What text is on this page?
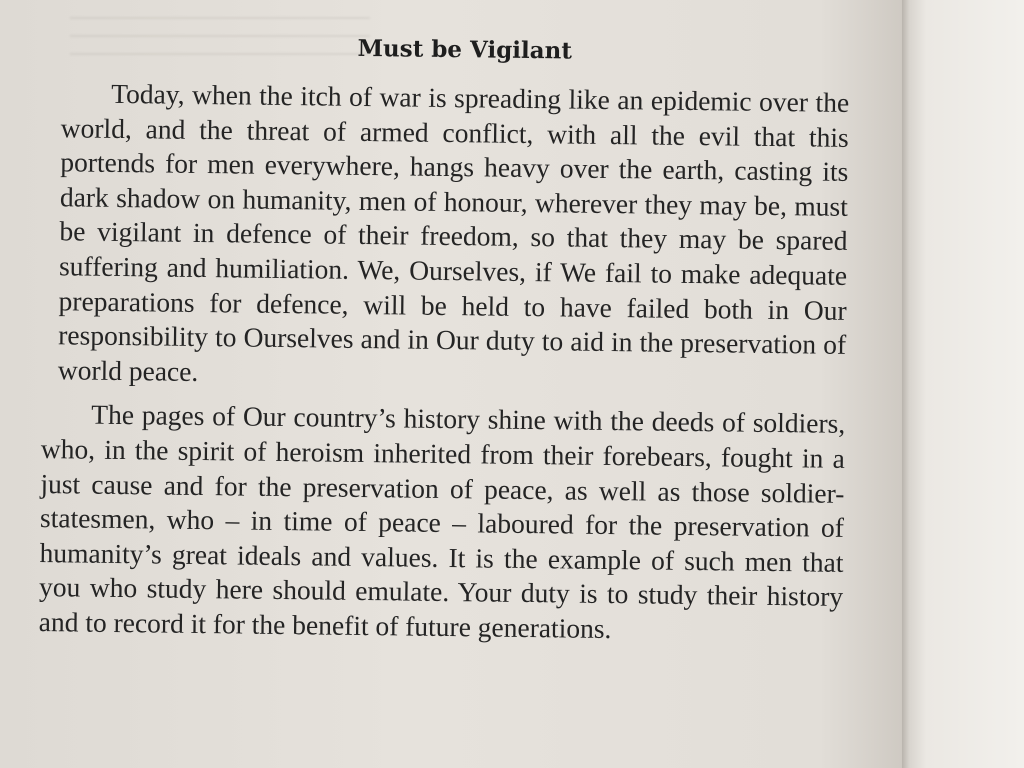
Must be Vigilant

Today, when the itch of war is spreading like an epidemic over the world, and the threat of armed conflict, with all the evil that this portends for men everywhere, hangs heavy over the earth, casting its dark shadow on humanity, men of honour, wherever they may be, must be vigilant in defence of their freedom, so that they may be spared suffering and humiliation. We, Ourselves, if We fail to make adequate preparations for defence, will be held to have failed both in Our responsibility to Ourselves and in Our duty to aid in the preservation of world peace.

The pages of Our country’s history shine with the deeds of soldiers, who, in the spirit of heroism inherited from their forebears, fought in a just cause and for the preservation of peace, as well as those soldier-statesmen, who – in time of peace – laboured for the preservation of humanity’s great ideals and values. It is the example of such men that you who study here should emulate. Your duty is to study their history and to record it for the benefit of future generations.
